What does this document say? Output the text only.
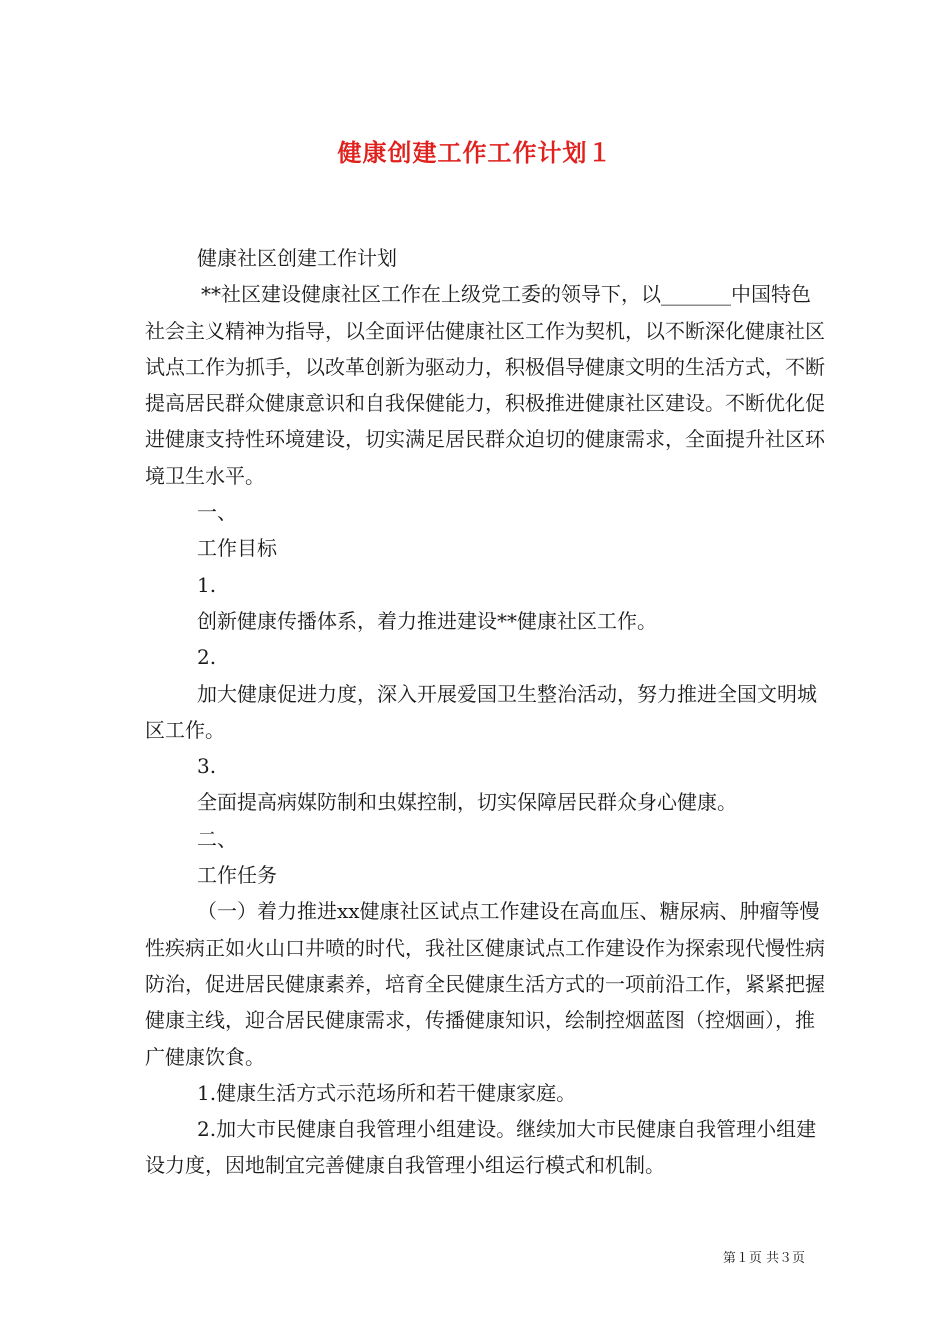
健康创建工作工作计划１

健康社区创建工作计划

**社区建设健康社区工作在上级党工委的领导下，以_______中国特色社会主义精神为指导，以全面评估健康社区工作为契机，以不断深化健康社区试点工作为抓手，以改革创新为驱动力，积极倡导健康文明的生活方式，不断提高居民群众健康意识和自我保健能力，积极推进健康社区建设。不断优化促进健康支持性环境建设，切实满足居民群众迫切的健康需求，全面提升社区环境卫生水平。

一、

工作目标

1.

创新健康传播体系，着力推进建设**健康社区工作。

2.

加大健康促进力度，深入开展爱国卫生整治活动，努力推进全国文明城区工作。

3.

全面提高病媒防制和虫媒控制，切实保障居民群众身心健康。

二、

工作任务

（一）着力推进xx健康社区试点工作建设在高血压、糖尿病、肿瘤等慢性疾病正如火山口井喷的时代，我社区健康试点工作建设作为探索现代慢性病防治，促进居民健康素养，培育全民健康生活方式的一项前沿工作，紧紧把握健康主线，迎合居民健康需求，传播健康知识，绘制控烟蓝图（控烟画），推广健康饮食。

1.健康生活方式示范场所和若干健康家庭。

2.加大市民健康自我管理小组建设。继续加大市民健康自我管理小组建设力度，因地制宜完善健康自我管理小组运行模式和机制。

第１页 共３页
